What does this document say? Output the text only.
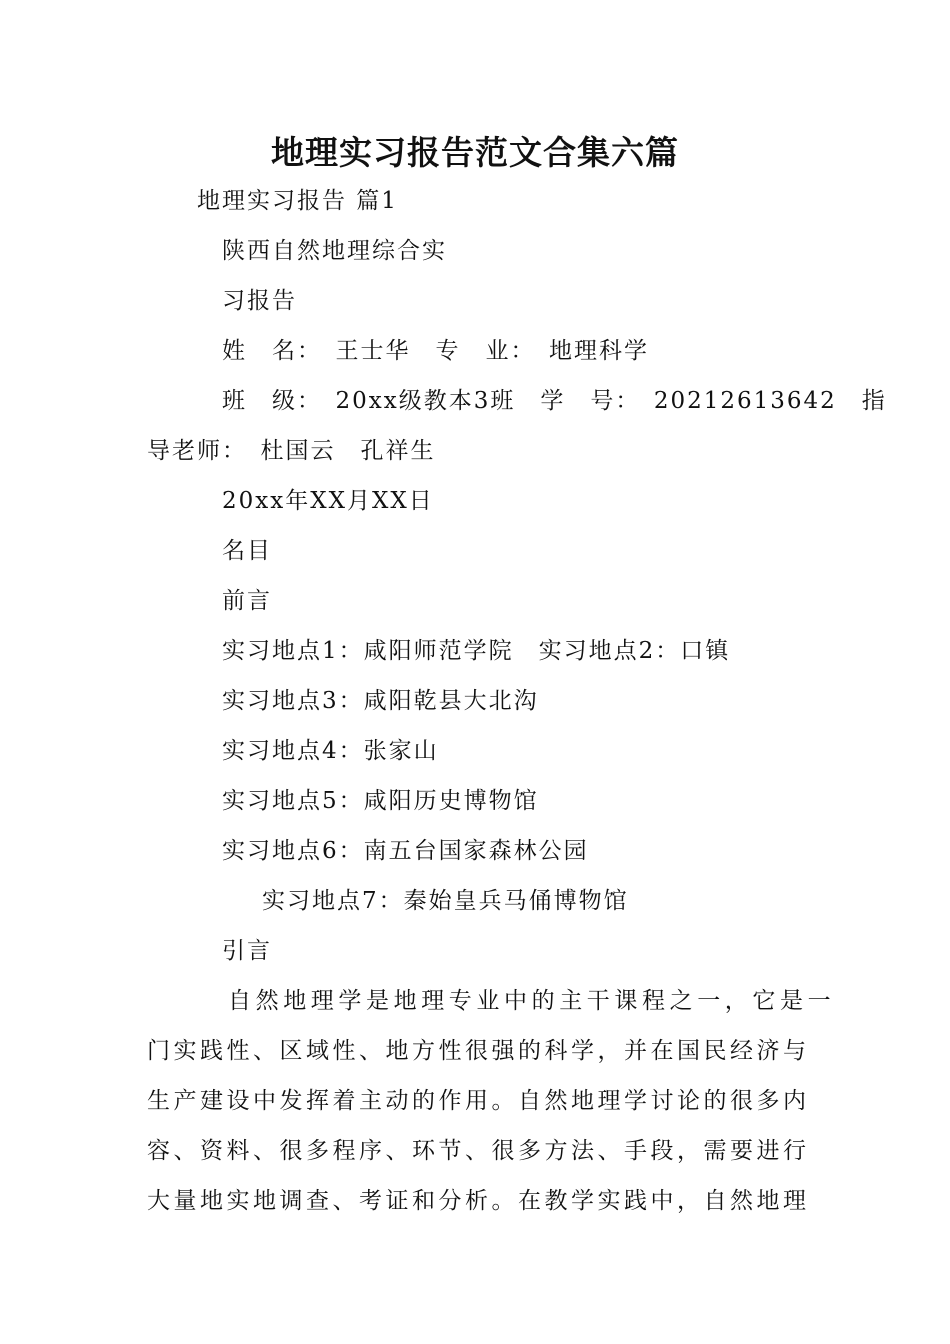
地理实习报告范文合集六篇
地理实习报告 篇1
陕西自然地理综合实
习报告
姓　名：　王士华　专　业：　地理科学
班　级：　20xx级教本3班　学　号：　20212613642　指
导老师：　杜国云　孔祥生
20xx年XX月XX日
名目
前言
实习地点1：咸阳师范学院　实习地点2：口镇
实习地点3：咸阳乾县大北沟
实习地点4：张家山
实习地点5：咸阳历史博物馆
实习地点6：南五台国家森林公园
实习地点7：秦始皇兵马俑博物馆
引言
自然地理学是地理专业中的主干课程之一，它是一
门实践性、区域性、地方性很强的科学，并在国民经济与
生产建设中发挥着主动的作用。自然地理学讨论的很多内
容、资料、很多程序、环节、很多方法、手段，需要进行
大量地实地调查、考证和分析。在教学实践中，自然地理
